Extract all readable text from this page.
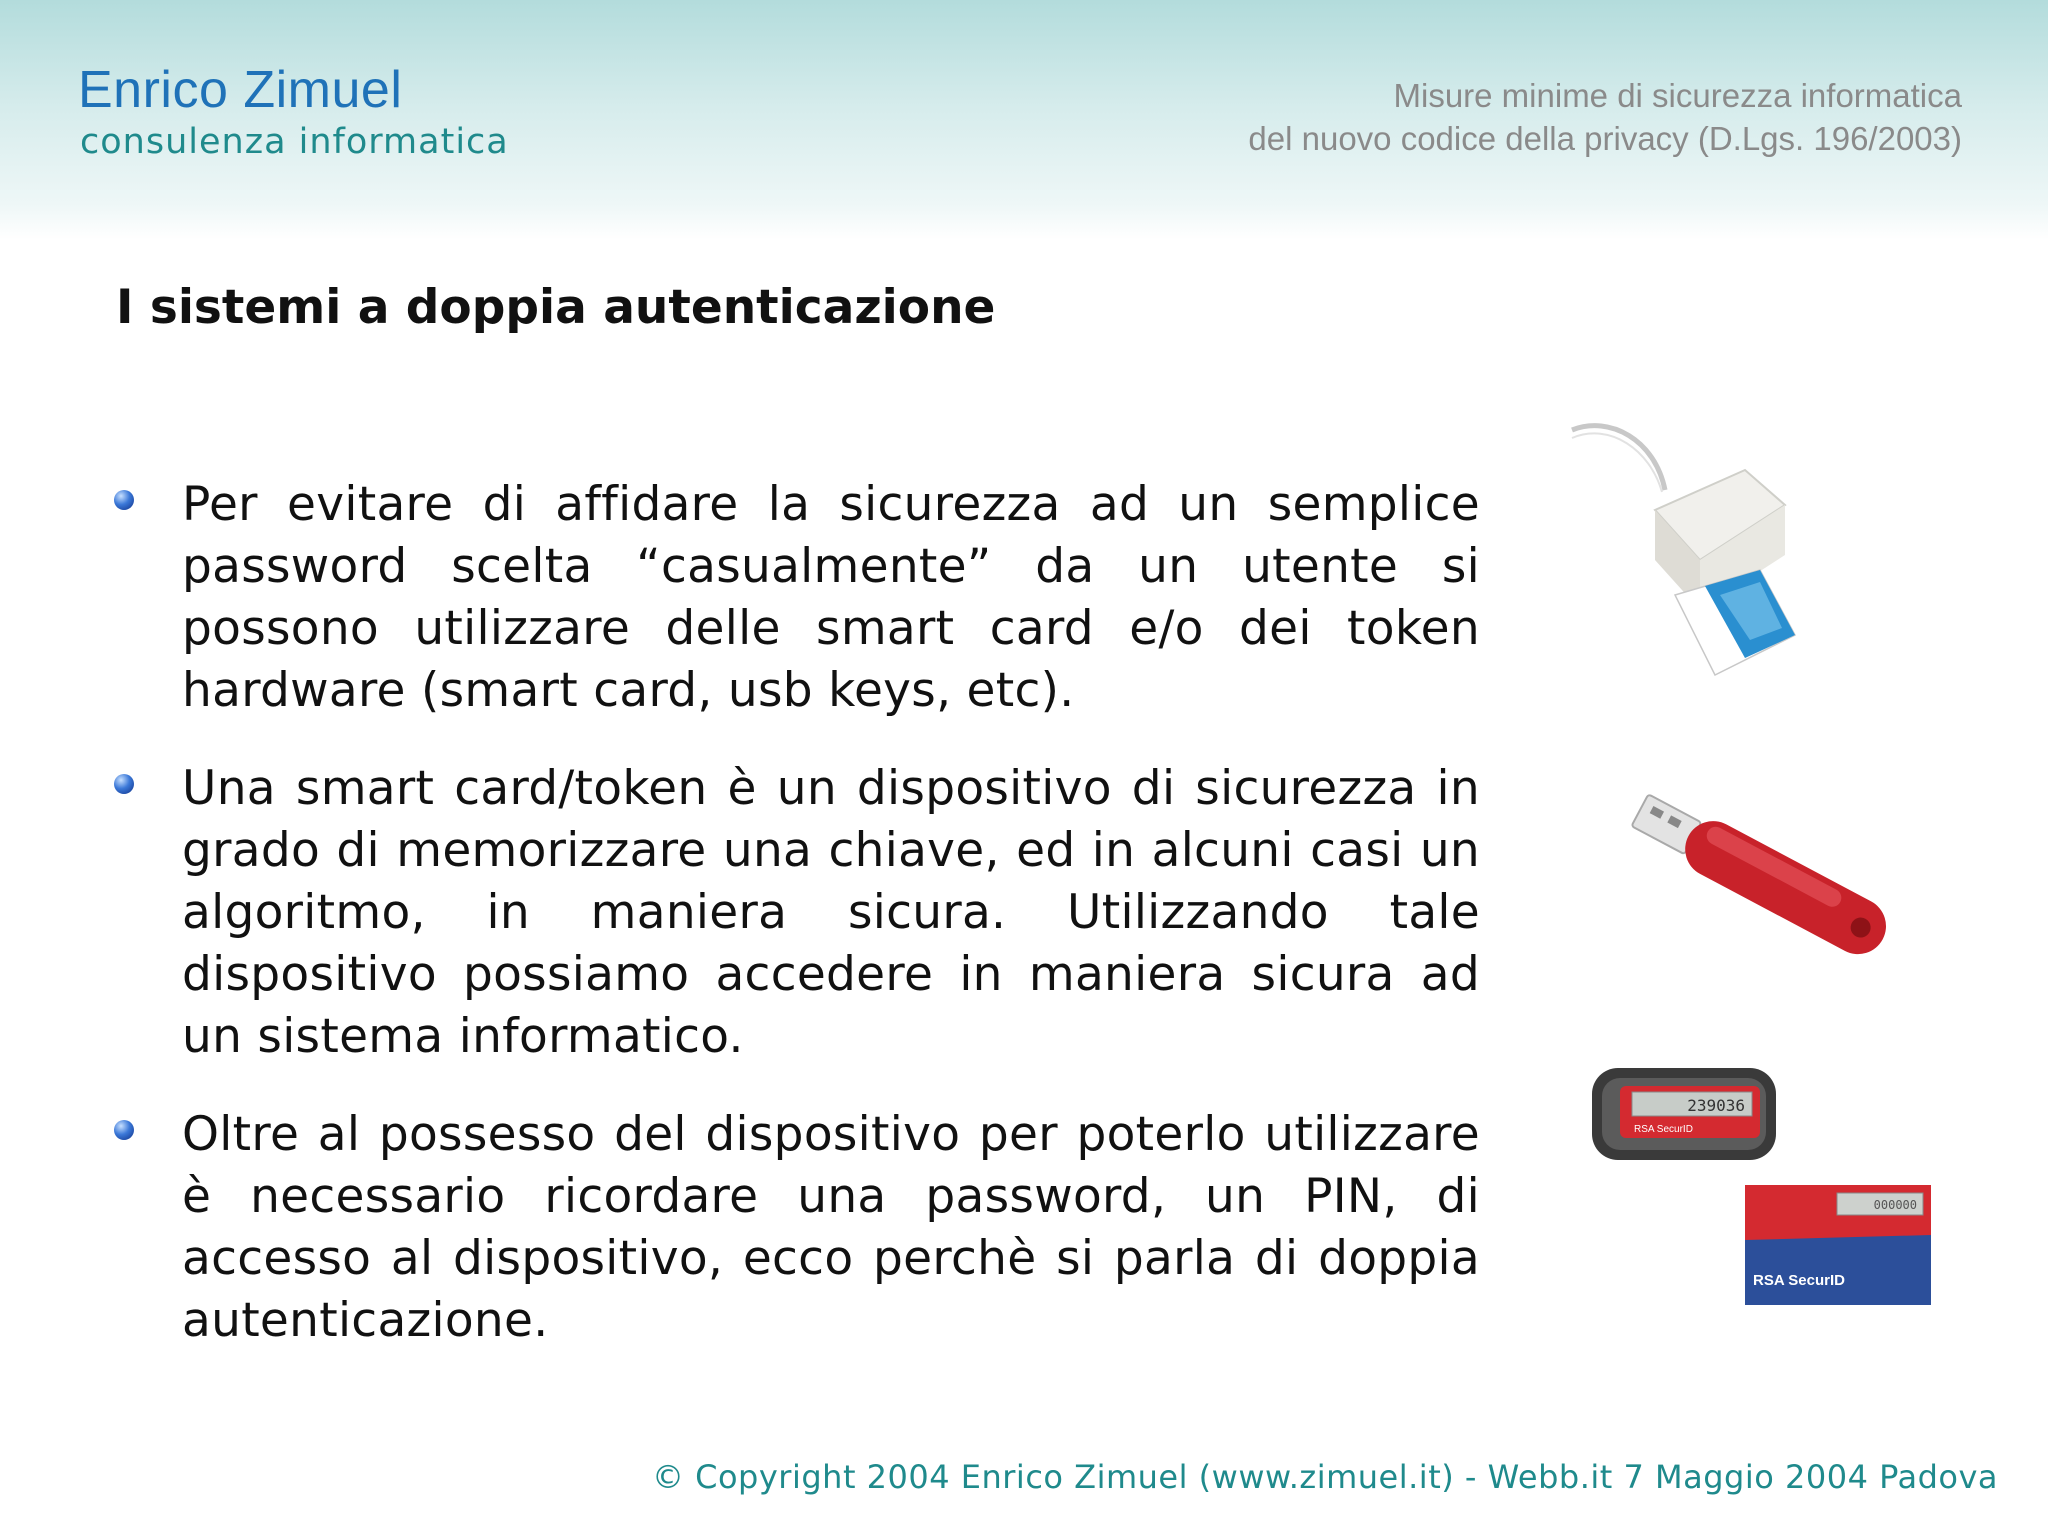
Enrico Zimuel
consulenza informatica
Misure minime di sicurezza informatica
del nuovo codice della privacy (D.Lgs. 196/2003)
I sistemi a doppia autenticazione
Per evitare di affidare la sicurezza ad un semplice password scelta “casualmente” da un utente si possono utilizzare delle smart card e/o dei token hardware (smart card, usb keys, etc).
Una smart card/token è un dispositivo di sicurezza in grado di memorizzare una chiave, ed in alcuni casi un algoritmo, in maniera sicura. Utilizzando tale dispositivo possiamo accedere in maniera sicura ad un sistema informatico.
Oltre al possesso del dispositivo per poterlo utilizzare è necessario ricordare una password, un PIN, di accesso al dispositivo, ecco perchè si parla di doppia autenticazione.
239036
RSA SecurID
000000
RSA SecurID
© Copyright 2004 Enrico Zimuel (www.zimuel.it) - Webb.it 7 Maggio 2004 Padova
